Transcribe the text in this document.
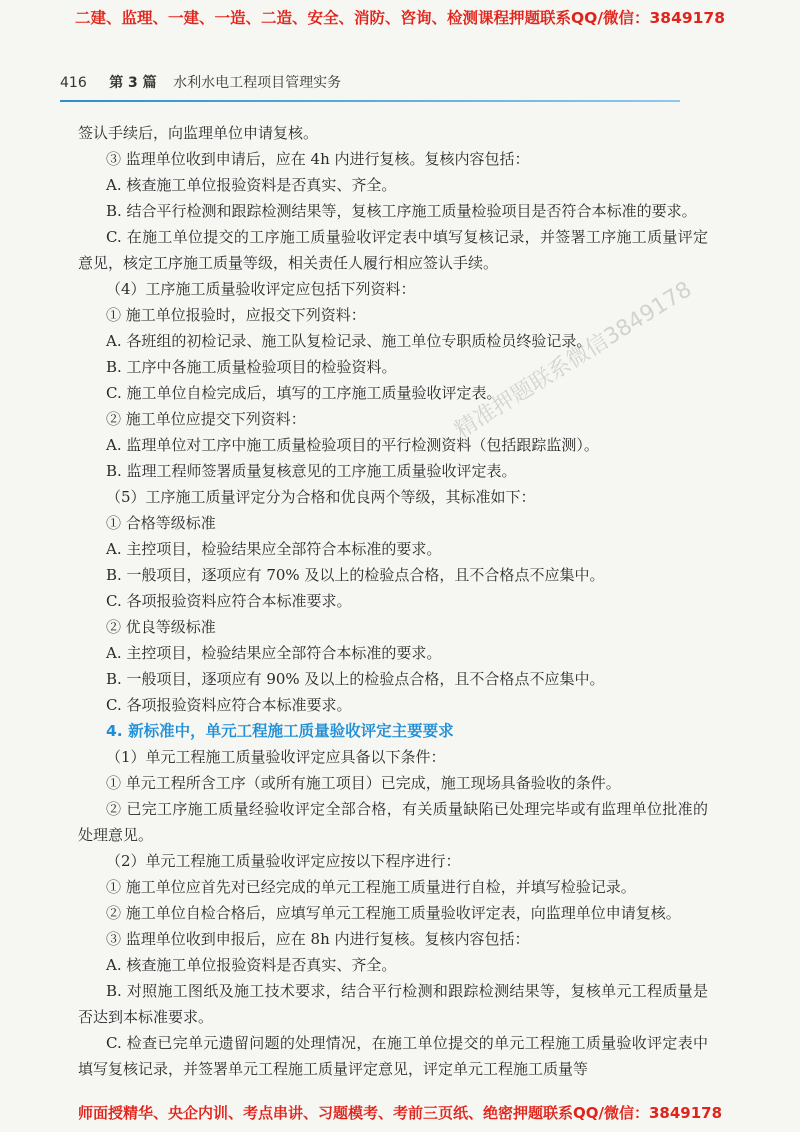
二建、监理、一建、一造、二造、安全、消防、咨询、检测课程押题联系QQ/微信：3849178
416 第 3 篇 水利水电工程项目管理实务

签认手续后，向监理单位申请复核。

③ 监理单位收到申请后，应在 4h 内进行复核。复核内容包括：

A. 核查施工单位报验资料是否真实、齐全。

B. 结合平行检测和跟踪检测结果等，复核工序施工质量检验项目是否符合本标准的要求。

C. 在施工单位提交的工序施工质量验收评定表中填写复核记录，并签署工序施工质量评定意见，核定工序施工质量等级，相关责任人履行相应签认手续。

（4）工序施工质量验收评定应包括下列资料：

① 施工单位报验时，应报交下列资料：

A. 各班组的初检记录、施工队复检记录、施工单位专职质检员终验记录。

B. 工序中各施工质量检验项目的检验资料。

C. 施工单位自检完成后，填写的工序施工质量验收评定表。

② 施工单位应提交下列资料：

A. 监理单位对工序中施工质量检验项目的平行检测资料（包括跟踪监测）。

B. 监理工程师签署质量复核意见的工序施工质量验收评定表。

（5）工序施工质量评定分为合格和优良两个等级，其标准如下：

① 合格等级标准

A. 主控项目，检验结果应全部符合本标准的要求。

B. 一般项目，逐项应有 70% 及以上的检验点合格，且不合格点不应集中。

C. 各项报验资料应符合本标准要求。

② 优良等级标准

A. 主控项目，检验结果应全部符合本标准的要求。

B. 一般项目，逐项应有 90% 及以上的检验点合格，且不合格点不应集中。

C. 各项报验资料应符合本标准要求。

4. 新标准中，单元工程施工质量验收评定主要要求

（1）单元工程施工质量验收评定应具备以下条件：

① 单元工程所含工序（或所有施工项目）已完成，施工现场具备验收的条件。

② 已完工序施工质量经验收评定全部合格，有关质量缺陷已处理完毕或有监理单位批准的处理意见。

（2）单元工程施工质量验收评定应按以下程序进行：

① 施工单位应首先对已经完成的单元工程施工质量进行自检，并填写检验记录。

② 施工单位自检合格后，应填写单元工程施工质量验收评定表，向监理单位申请复核。

③ 监理单位收到申报后，应在 8h 内进行复核。复核内容包括：

A. 核查施工单位报验资料是否真实、齐全。

B. 对照施工图纸及施工技术要求，结合平行检测和跟踪检测结果等，复核单元工程质量是否达到本标准要求。

C. 检查已完单元遗留问题的处理情况，在施工单位提交的单元工程施工质量验收评定表中填写复核记录，并签署单元工程施工质量评定意见，评定单元工程施工质量等

精准押题联系微信3849178
师面授精华、央企内训、考点串讲、习题模考、考前三页纸、绝密押题联系QQ/微信：3849178
